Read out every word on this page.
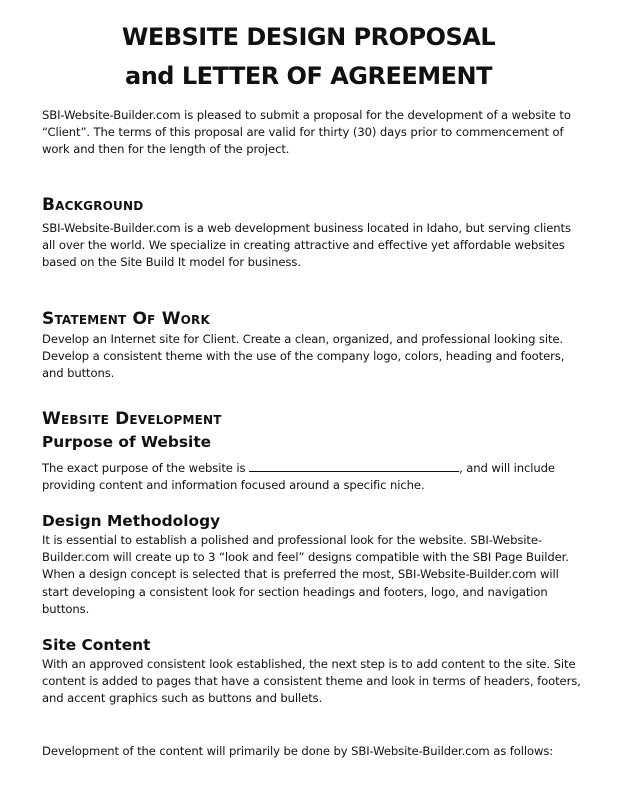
WEBSITE DESIGN PROPOSAL
and LETTER OF AGREEMENT

SBI-Website-Builder.com is pleased to submit a proposal for the development of a website to “Client”. The terms of this proposal are valid for thirty (30) days prior to commencement of work and then for the length of the project.

Background

SBI-Website-Builder.com is a web development business located in Idaho, but serving clients all over the world. We specialize in creating attractive and effective yet affordable websites based on the Site Build It model for business.

Statement Of Work

Develop an Internet site for Client. Create a clean, organized, and professional looking site. Develop a consistent theme with the use of the company logo, colors, heading and footers, and buttons.

Website Development
Purpose of Website

The exact purpose of the website is	, and will include providing content and information focused around a specific niche.

Design Methodology

It is essential to establish a polished and professional look for the website. SBI-Website-Builder.com will create up to 3 “look and feel” designs compatible with the SBI Page Builder. When a design concept is selected that is preferred the most, SBI-Website-Builder.com will start developing a consistent look for section headings and footers, logo, and navigation buttons.

Site Content

With an approved consistent look established, the next step is to add content to the site. Site content is added to pages that have a consistent theme and look in terms of headers, footers, and accent graphics such as buttons and bullets.

Development of the content will primarily be done by SBI-Website-Builder.com as follows:
